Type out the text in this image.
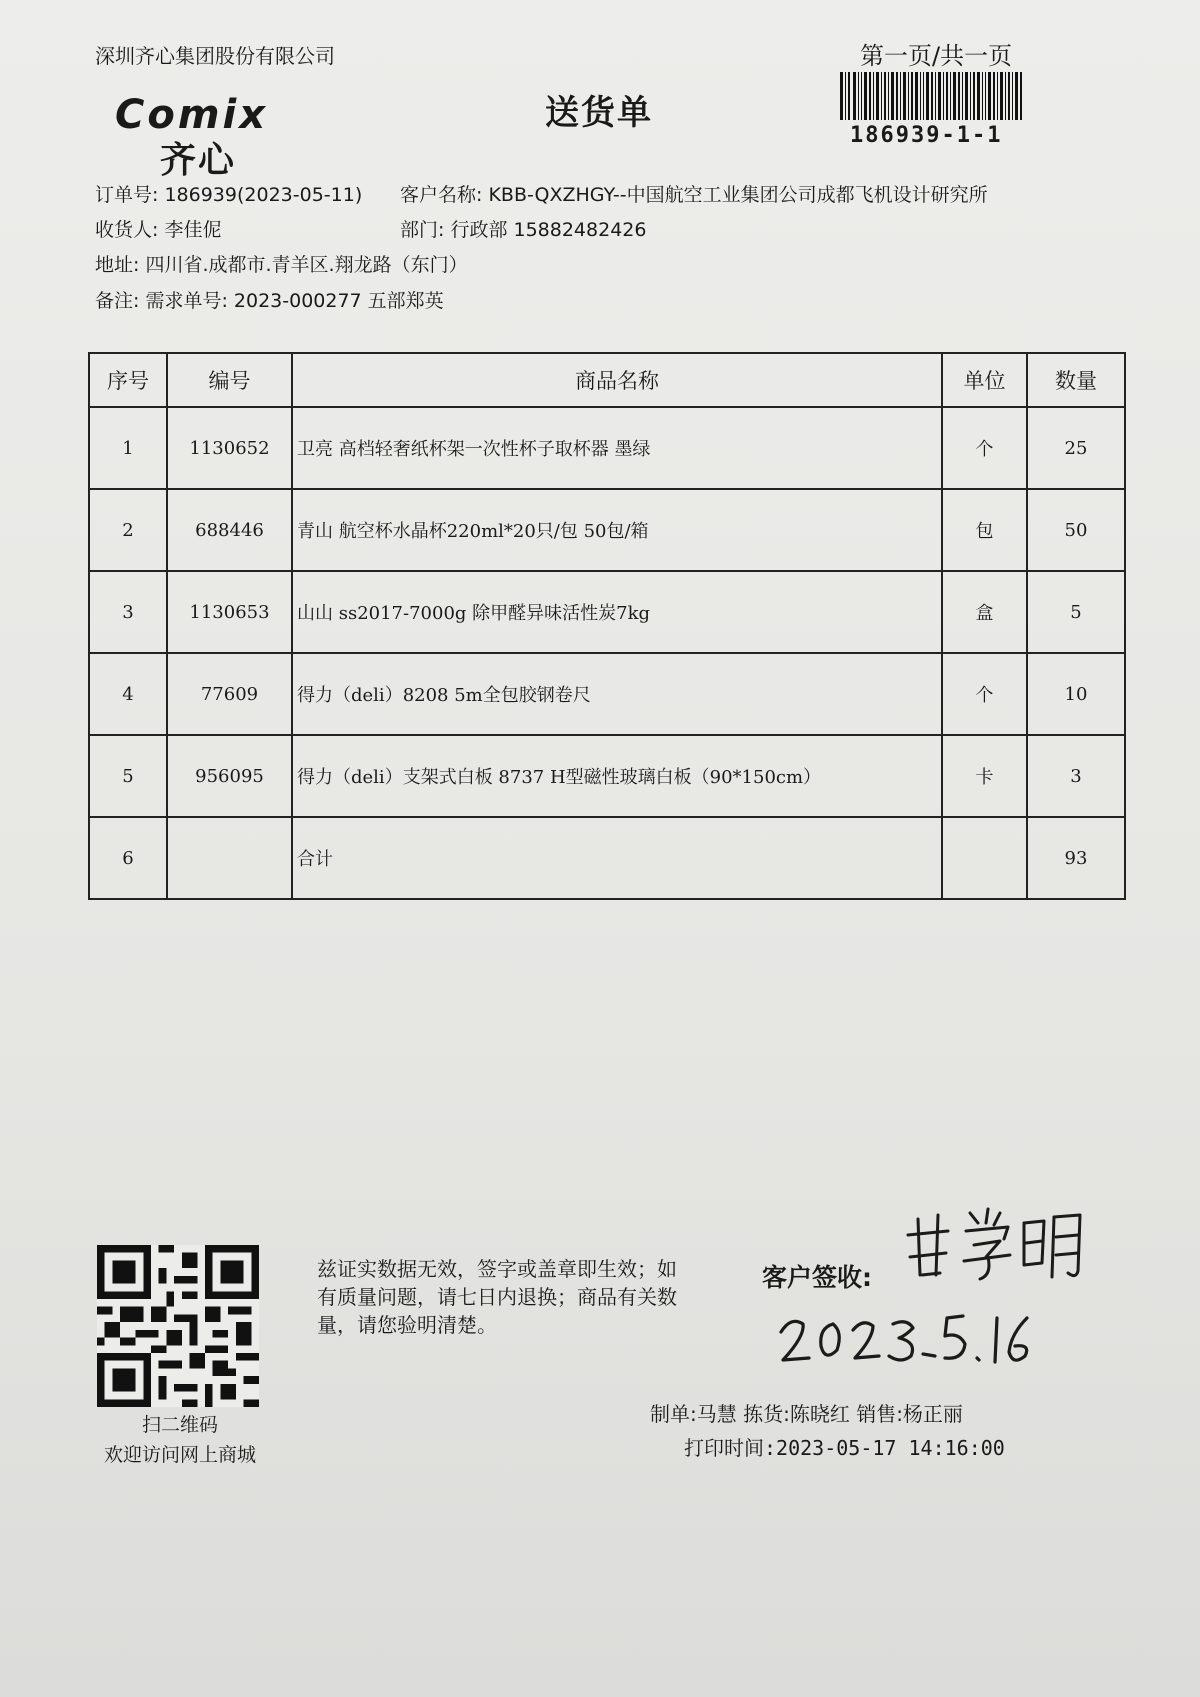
深圳齐心集团股份有限公司	第一页/共一页
Comix
齐心
送货单
186939-1-1
订单号: 186939(2023-05-11) 客户名称: KBB-QXZHGY--中国航空工业集团公司成都飞机设计研究所
收货人: 李佳伲	部门: 行政部 15882482426
地址: 四川省.成都市.青羊区.翔龙路（东门）
备注: 需求单号: 2023-000277 五部郑英
序号	编号	商品名称	单位	数量
1	1130652	卫亮 高档轻奢纸杯架一次性杯子取杯器 墨绿	个	25
2	688446	青山 航空杯水晶杯220ml*20只/包 50包/箱	包	50
3	1130653	山山 ss2017-7000g 除甲醛异味活性炭7kg	盒	5
4	77609	得力（deli）8208 5m全包胶钢卷尺	个	10
5	956095	得力（deli）支架式白板 8737 H型磁性玻璃白板（90*150cm）	卡	3
6		合计		93
扫二维码
欢迎访问网上商城
兹证实数据无效，签字或盖章即生效；如有质量问题，请七日内退换；商品有关数量，请您验明清楚。
客户签收:
制单:马慧 拣货:陈晓红 销售:杨正丽
打印时间:2023-05-17 14:16:00
